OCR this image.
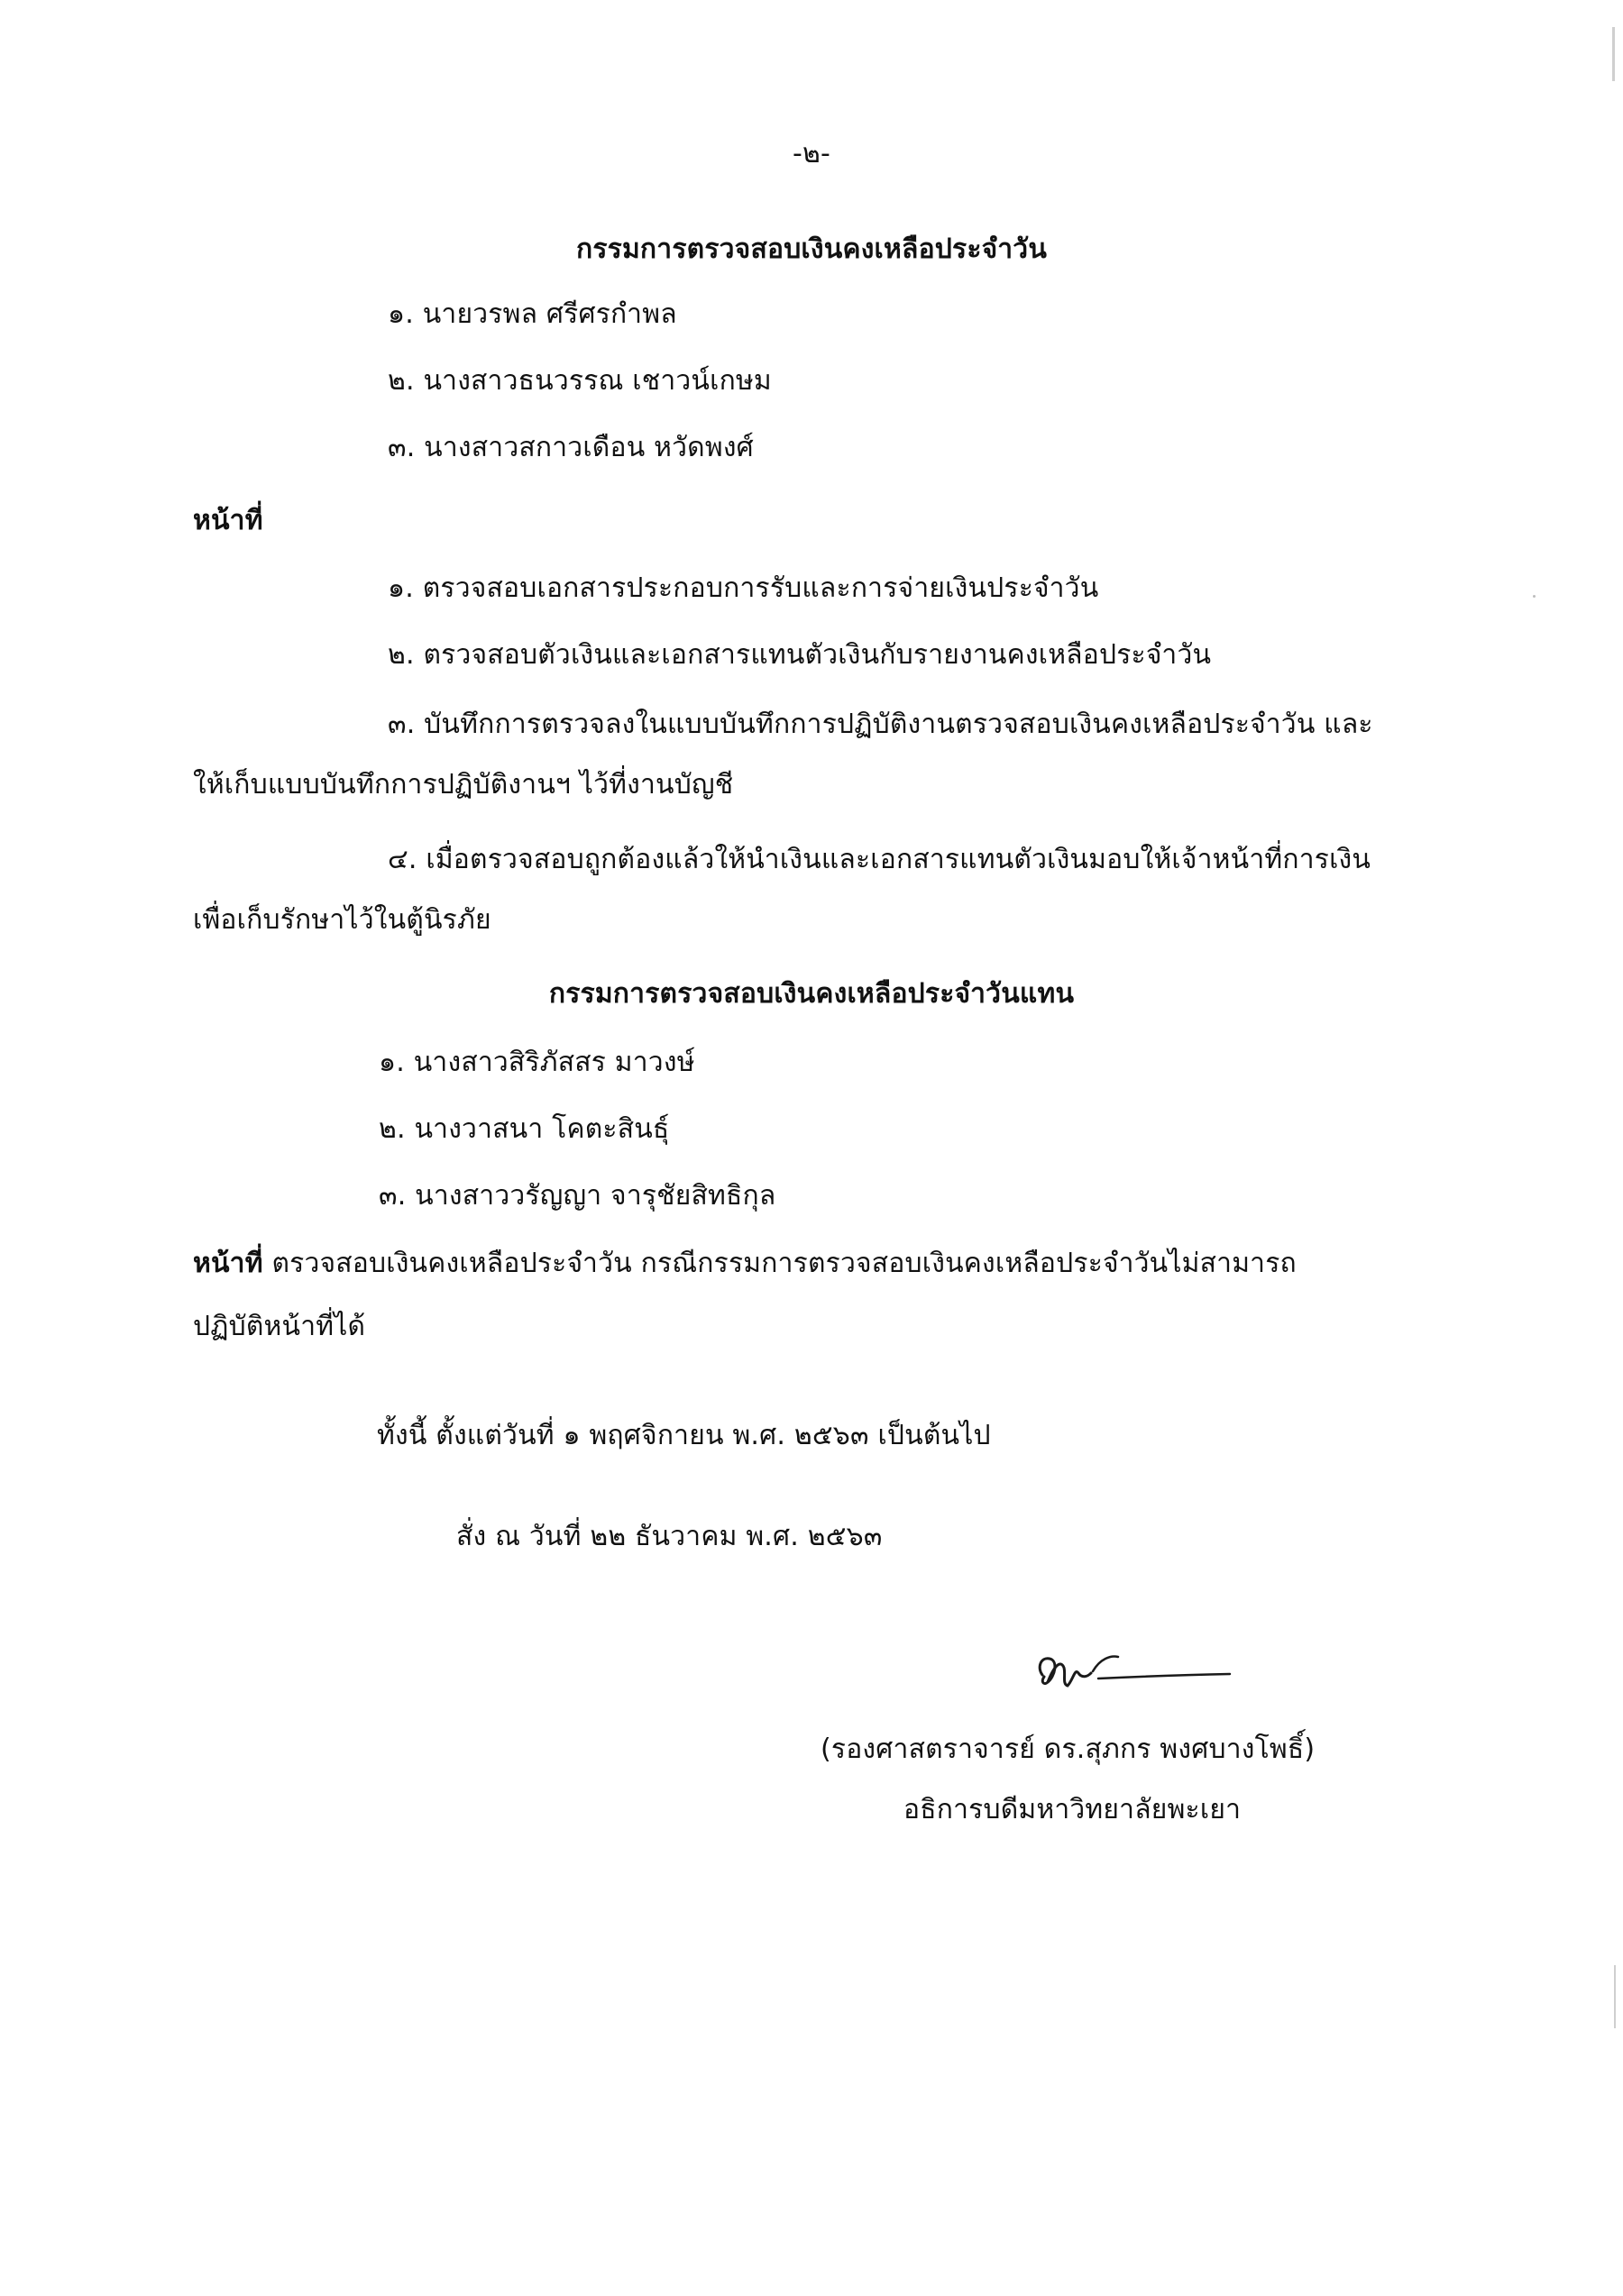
-๒-
กรรมการตรวจสอบเงินคงเหลือประจำวัน
๑. นายวรพล ศรีศรกำพล
๒. นางสาวธนวรรณ เชาวน์เกษม
๓. นางสาวสกาวเดือน หวัดพงศ์
หน้าที่
๑. ตรวจสอบเอกสารประกอบการรับและการจ่ายเงินประจำวัน
๒. ตรวจสอบตัวเงินและเอกสารแทนตัวเงินกับรายงานคงเหลือประจำวัน
๓. บันทึกการตรวจลงในแบบบันทึกการปฏิบัติงานตรวจสอบเงินคงเหลือประจำวัน และ
ให้เก็บแบบบันทึกการปฏิบัติงานฯ ไว้ที่งานบัญชี
๔. เมื่อตรวจสอบถูกต้องแล้วให้นำเงินและเอกสารแทนตัวเงินมอบให้เจ้าหน้าที่การเงิน
เพื่อเก็บรักษาไว้ในตู้นิรภัย
กรรมการตรวจสอบเงินคงเหลือประจำวันแทน
๑. นางสาวสิริภัสสร มาวงษ์
๒. นางวาสนา โคตะสินธุ์
๓. นางสาววรัญญา จารุชัยสิทธิกุล
หน้าที่ ตรวจสอบเงินคงเหลือประจำวัน กรณีกรรมการตรวจสอบเงินคงเหลือประจำวันไม่สามารถ
ปฏิบัติหน้าที่ได้
ทั้งนี้ ตั้งแต่วันที่ ๑ พฤศจิกายน พ.ศ. ๒๕๖๓ เป็นต้นไป
สั่ง ณ วันที่ ๒๒ ธันวาคม พ.ศ. ๒๕๖๓
(รองศาสตราจารย์ ดร.สุภกร พงศบางโพธิ์)
อธิการบดีมหาวิทยาลัยพะเยา
